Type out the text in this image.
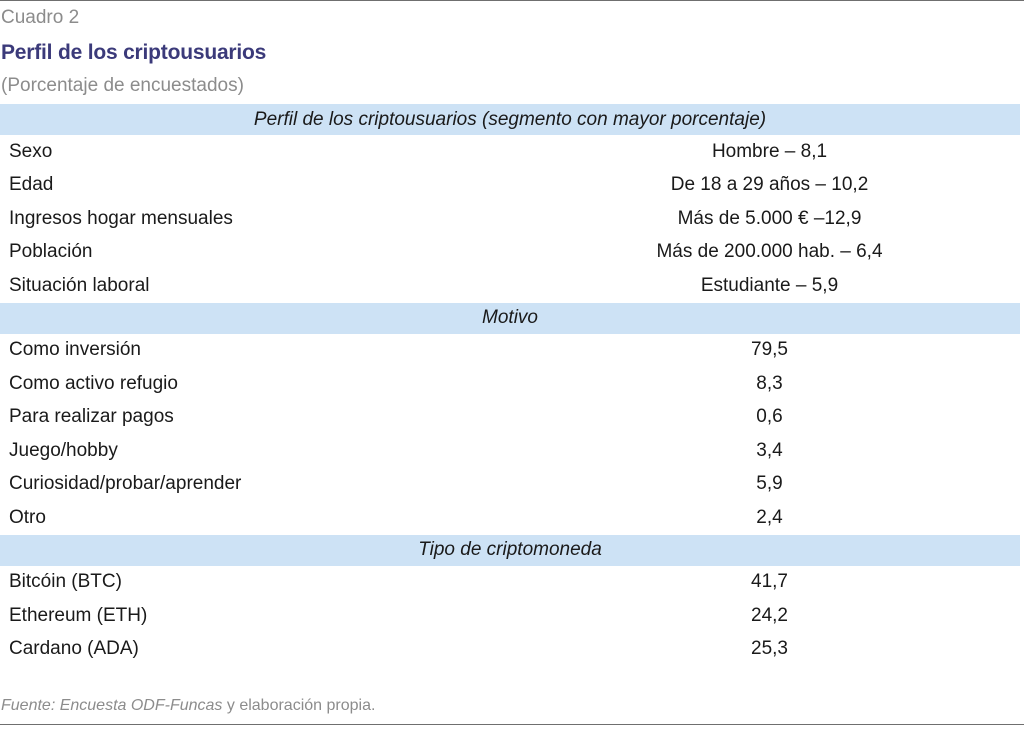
Cuadro 2
Perfil de los criptousuarios
(Porcentaje de encuestados)
Perfil de los criptousuarios (segmento con mayor porcentaje)	
Sexo	Hombre – 8,1
Edad	De 18 a 29 años – 10,2
Ingresos hogar mensuales	Más de 5.000 € –12,9
Población	Más de 200.000 hab. – 6,4
Situación laboral	Estudiante – 5,9
Motivo	
Como inversión	79,5
Como activo refugio	8,3
Para realizar pagos	0,6
Juego/hobby	3,4
Curiosidad/probar/aprender	5,9
Otro	2,4
Tipo de criptomoneda	
Bitcóin (BTC)	41,7
Ethereum (ETH)	24,2
Cardano (ADA)	25,3
Fuente: Encuesta ODF-Funcas y elaboración propia.
